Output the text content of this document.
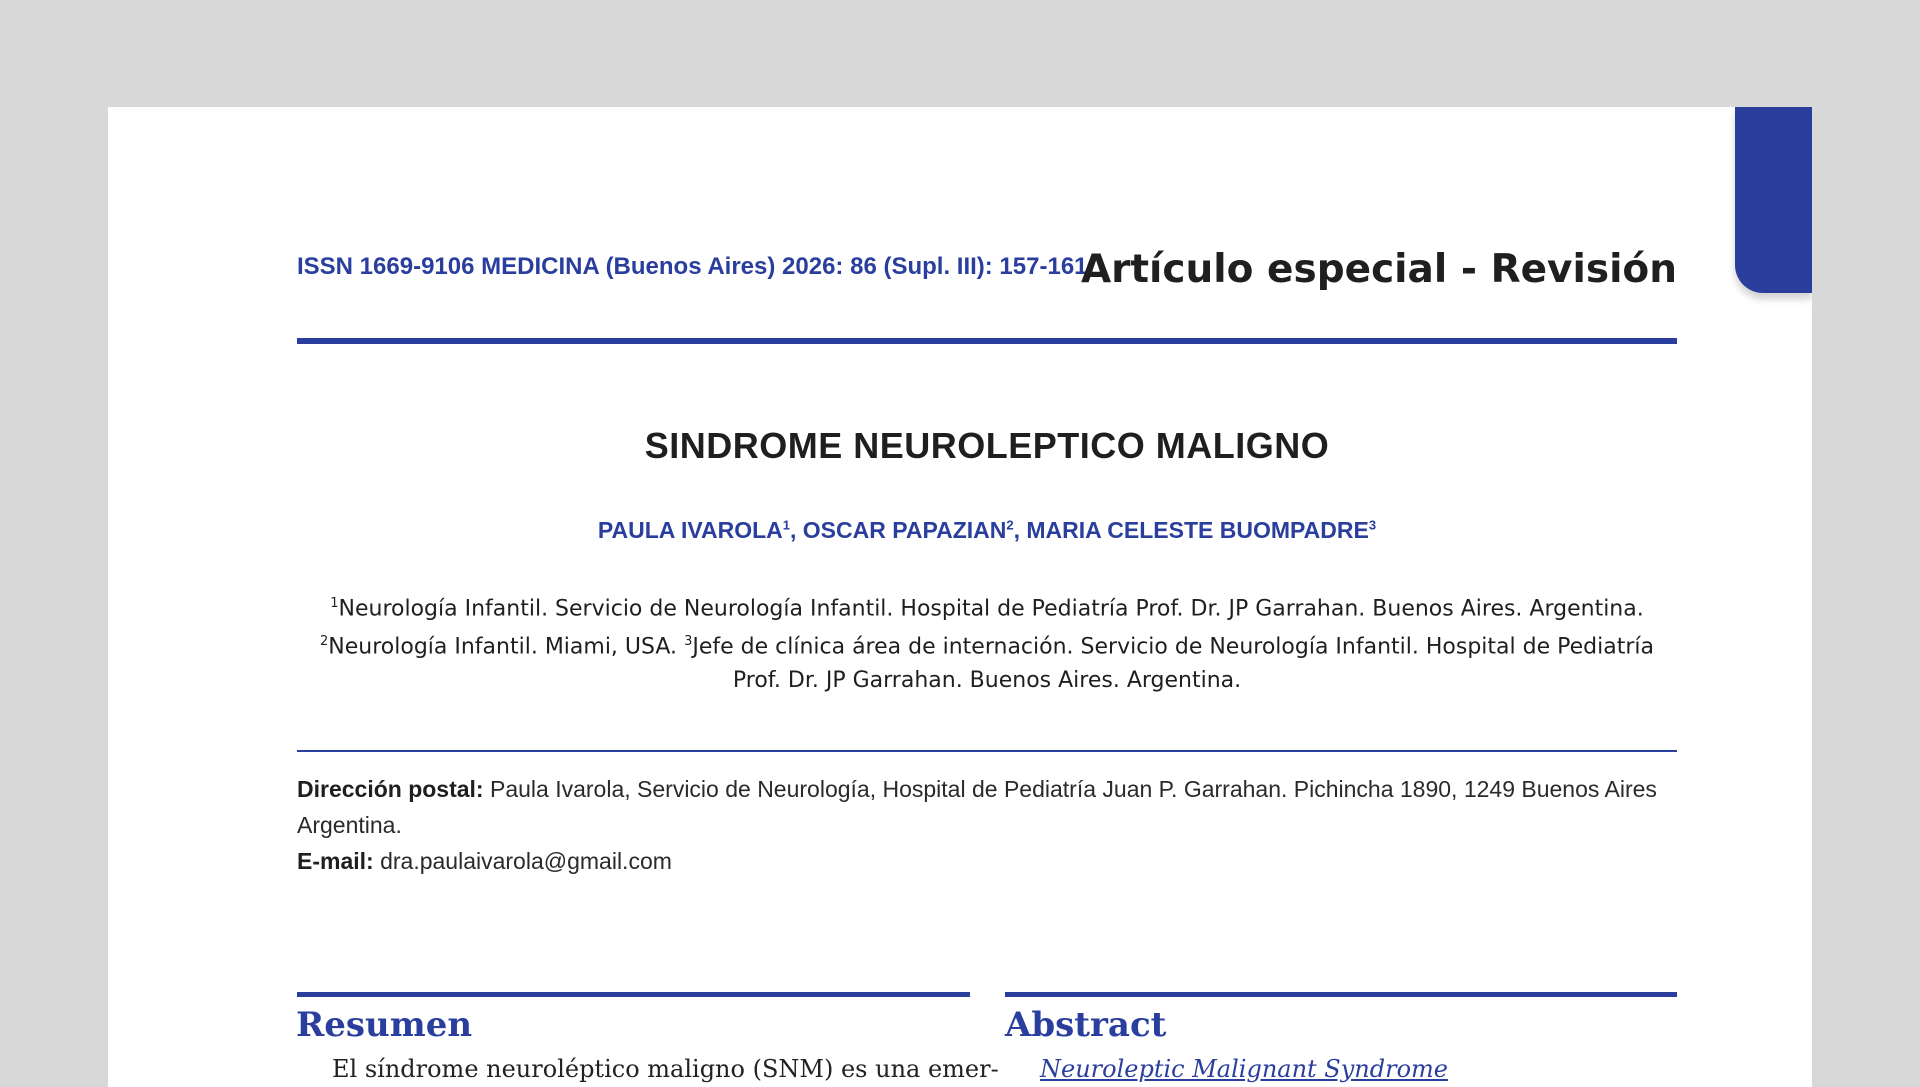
ISSN 1669-9106 MEDICINA (Buenos Aires) 2026: 86 (Supl. III): 157-161
Artículo especial - Revisión
SINDROME NEUROLEPTICO MALIGNO
PAULA IVAROLA$^1$, OSCAR PAPAZIAN$^2$, MARIA CELESTE BUOMPADRE$^3$
$^1$Neurología Infantil. Servicio de Neurología Infantil. Hospital de Pediatría Prof. Dr. JP Garrahan. Buenos Aires. Argentina. $^2$Neurología Infantil. Miami, USA. $^3$Jefe de clínica área de internación. Servicio de Neurología Infantil. Hospital de Pediatría Prof. Dr. JP Garrahan. Buenos Aires. Argentina.
Dirección postal: Paula Ivarola, Servicio de Neurología, Hospital de Pediatría Juan P. Garrahan. Pichincha 1890, 1249 Buenos Aires Argentina.
E-mail: dra.paulaivarola@gmail.com
Resumen
El síndrome neuroléptico maligno (SNM) es una emer-
Abstract
Neuroleptic Malignant Syndrome
